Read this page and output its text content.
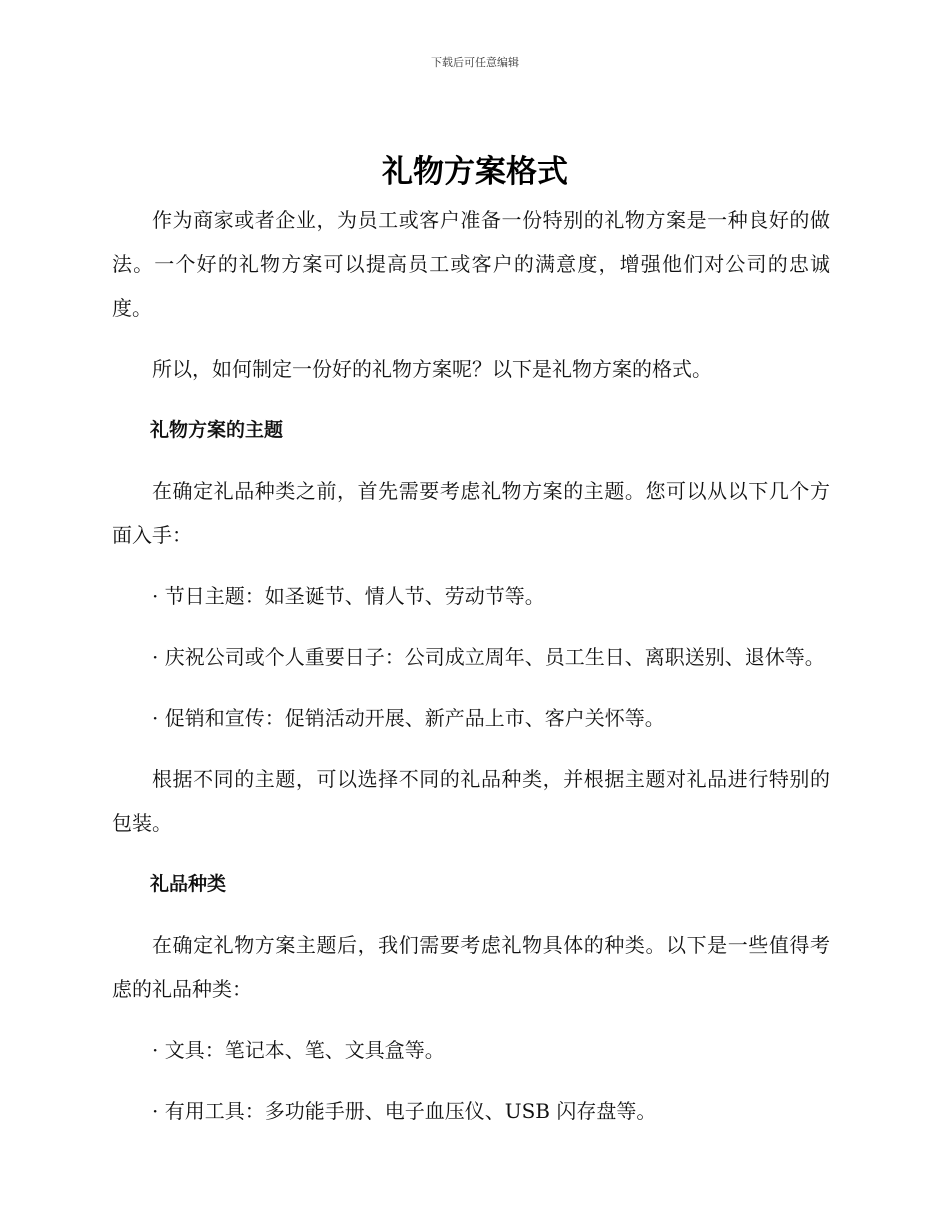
下载后可任意编辑
礼物方案格式

作为商家或者企业，为员工或客户准备一份特别的礼物方案是一种良好的做法。一个好的礼物方案可以提高员工或客户的满意度，增强他们对公司的忠诚度。

所以，如何制定一份好的礼物方案呢？以下是礼物方案的格式。

礼物方案的主题

在确定礼品种类之前，首先需要考虑礼物方案的主题。您可以从以下几个方面入手：

· 节日主题：如圣诞节、情人节、劳动节等。

· 庆祝公司或个人重要日子：公司成立周年、员工生日、离职送别、退休等。

· 促销和宣传：促销活动开展、新产品上市、客户关怀等。

根据不同的主题，可以选择不同的礼品种类，并根据主题对礼品进行特别的包装。

礼品种类

在确定礼物方案主题后，我们需要考虑礼物具体的种类。以下是一些值得考虑的礼品种类：

· 文具：笔记本、笔、文具盒等。

· 有用工具：多功能手册、电子血压仪、USB 闪存盘等。
